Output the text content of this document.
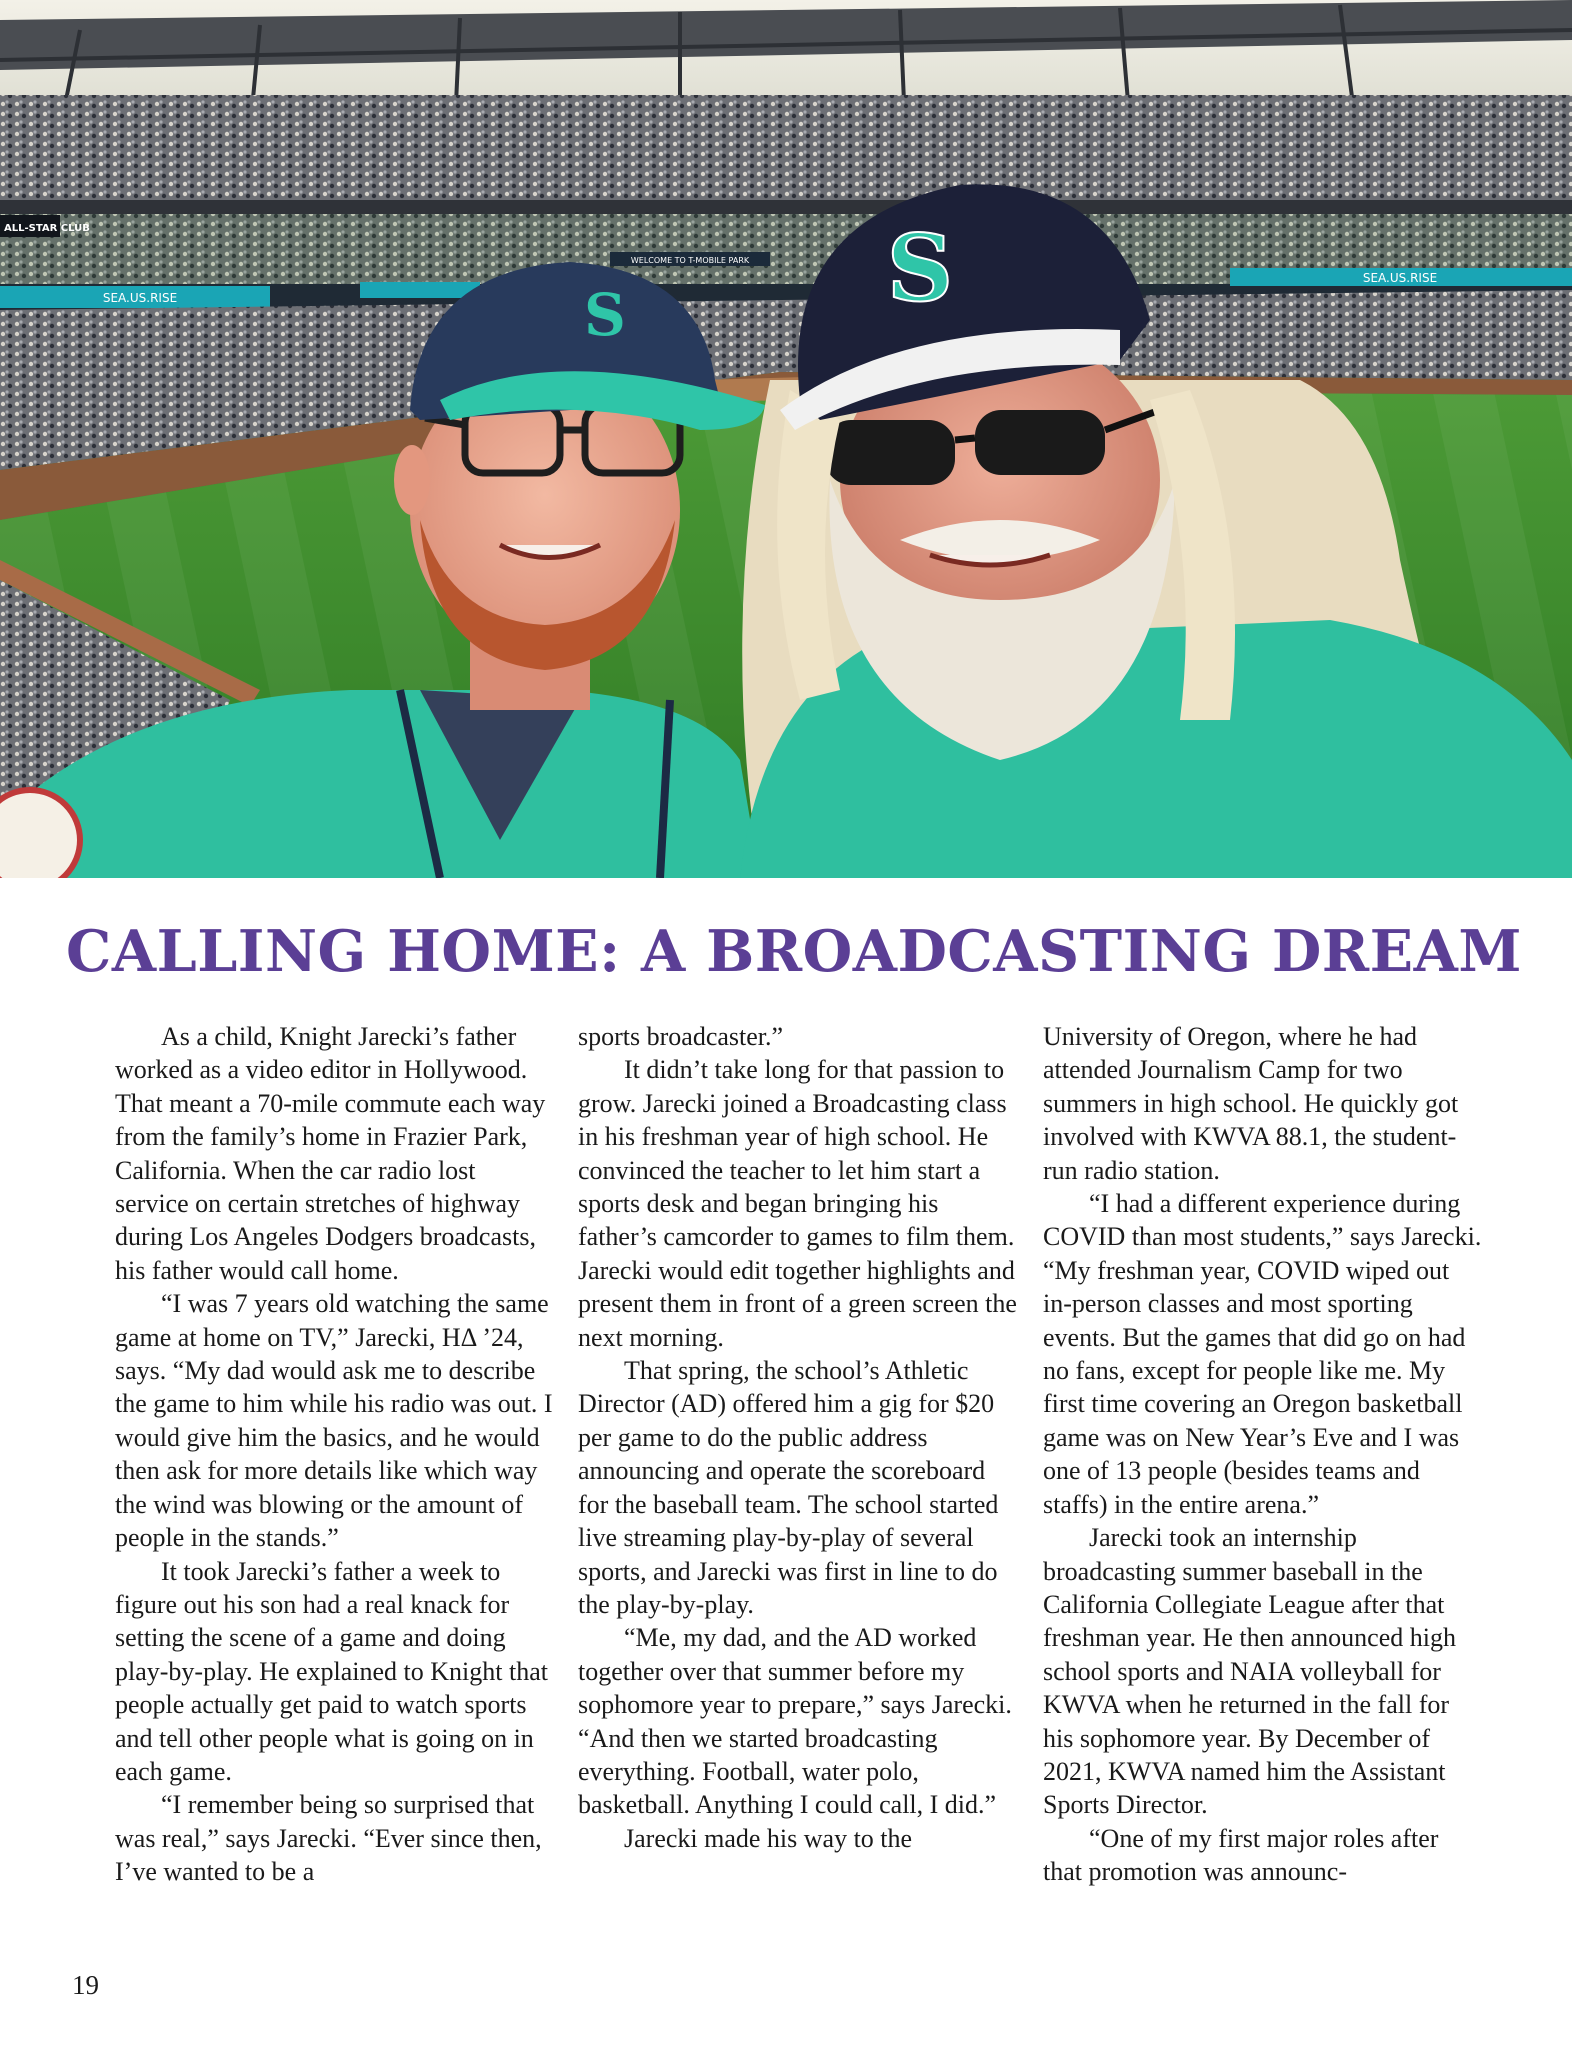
SEA.US.RISE
SEA.US.RISE
ALL-STAR CLUB
WELCOME TO T-MOBILE PARK
S	S
CALLING HOME: A BROADCASTING DREAM

As a child, Knight Jarecki’s father worked as a video editor in Hollywood. That meant a 70-mile commute each way from the family’s home in Frazier Park, California. When the car radio lost service on certain stretches of highway during Los Angeles Dodgers broadcasts, his father would call home.

“I was 7 years old watching the same game at home on TV,” Jarecki, HΔ ’24, says. “My dad would ask me to describe the game to him while his radio was out. I would give him the basics, and he would then ask for more details like which way the wind was blowing or the amount of people in the stands.”

It took Jarecki’s father a week to figure out his son had a real knack for setting the scene of a game and doing play-by-play. He explained to Knight that people actually get paid to watch sports and tell other people what is going on in each game.

“I remember being so surprised that was real,” says Jarecki. “Ever since then, I’ve wanted to be a

sports broadcaster.”

It didn’t take long for that passion to grow. Jarecki joined a Broadcasting class in his freshman year of high school. He convinced the teacher to let him start a sports desk and began bringing his father’s camcorder to games to film them. Jarecki would edit together highlights and present them in front of a green screen the next morning.

That spring, the school’s Athletic Director (AD) offered him a gig for $20 per game to do the public address announcing and operate the scoreboard for the baseball team. The school started live streaming play-by-play of several sports, and Jarecki was first in line to do the play-by-play.

“Me, my dad, and the AD worked together over that summer before my sophomore year to prepare,” says Jarecki. “And then we started broadcasting everything. Football, water polo, basketball. Anything I could call, I did.”

Jarecki made his way to the

University of Oregon, where he had attended Journalism Camp for two summers in high school. He quickly got involved with KWVA 88.1, the student-run radio station.

“I had a different experience during COVID than most students,” says Jarecki. “My freshman year, COVID wiped out in-person classes and most sporting events. But the games that did go on had no fans, except for people like me. My first time covering an Oregon basketball game was on New Year’s Eve and I was one of 13 people (besides teams and staffs) in the entire arena.”

Jarecki took an internship broadcasting summer baseball in the California Collegiate League after that freshman year. He then announced high school sports and NAIA volleyball for KWVA when he returned in the fall for his sophomore year. By December of 2021, KWVA named him the Assistant Sports Director.

“One of my first major roles after that promotion was announc-

19
